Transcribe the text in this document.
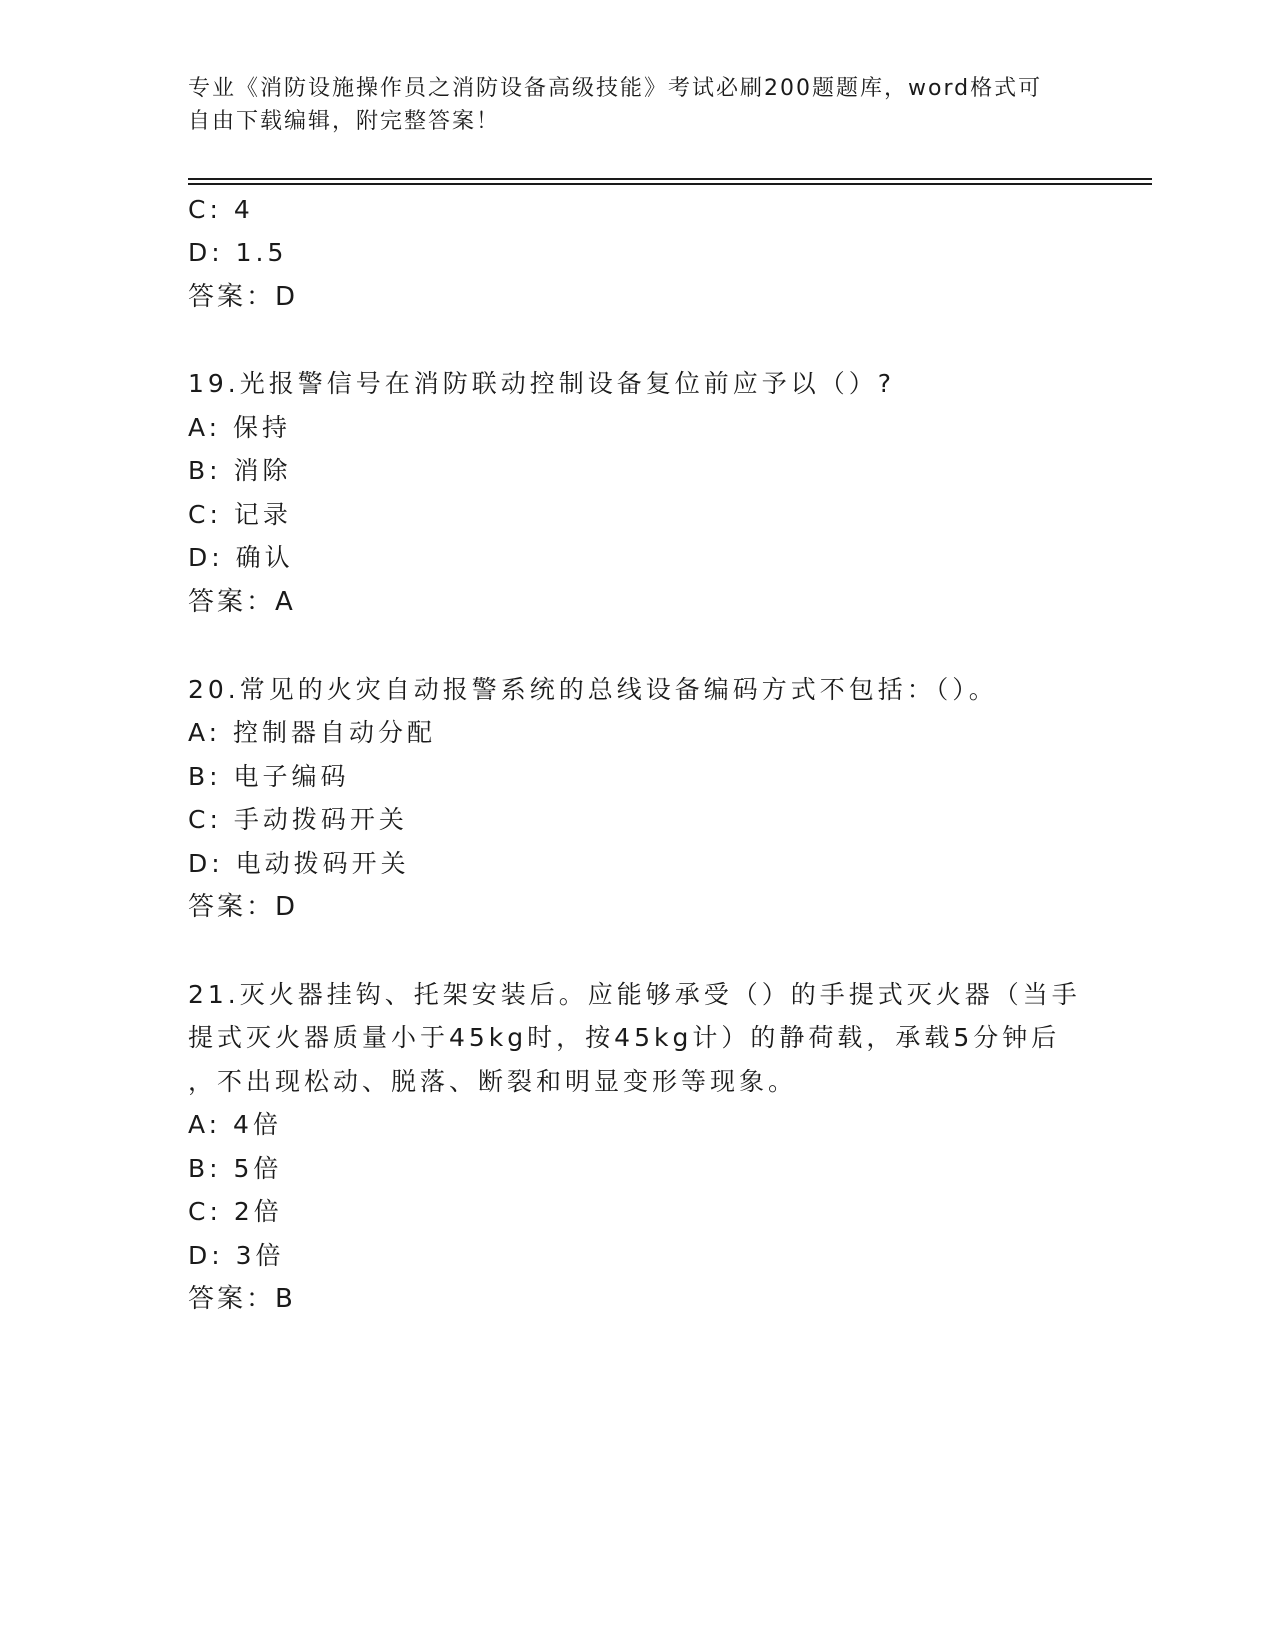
专业《消防设施操作员之消防设备高级技能》考试必刷200题题库，word格式可
自由下载编辑，附完整答案！
C: 4
D: 1.5
答案：D
19.光报警信号在消防联动控制设备复位前应予以（）?
A: 保持
B: 消除
C: 记录
D: 确认
答案：A
20.常见的火灾自动报警系统的总线设备编码方式不包括：（）。
A: 控制器自动分配
B: 电子编码
C: 手动拨码开关
D: 电动拨码开关
答案：D
21.灭火器挂钩、托架安装后。应能够承受（）的手提式灭火器（当手
提式灭火器质量小于45kg时，按45kg计）的静荷载，承载5分钟后
，不出现松动、脱落、断裂和明显变形等现象。
A: 4倍
B: 5倍
C: 2倍
D: 3倍
答案：B
